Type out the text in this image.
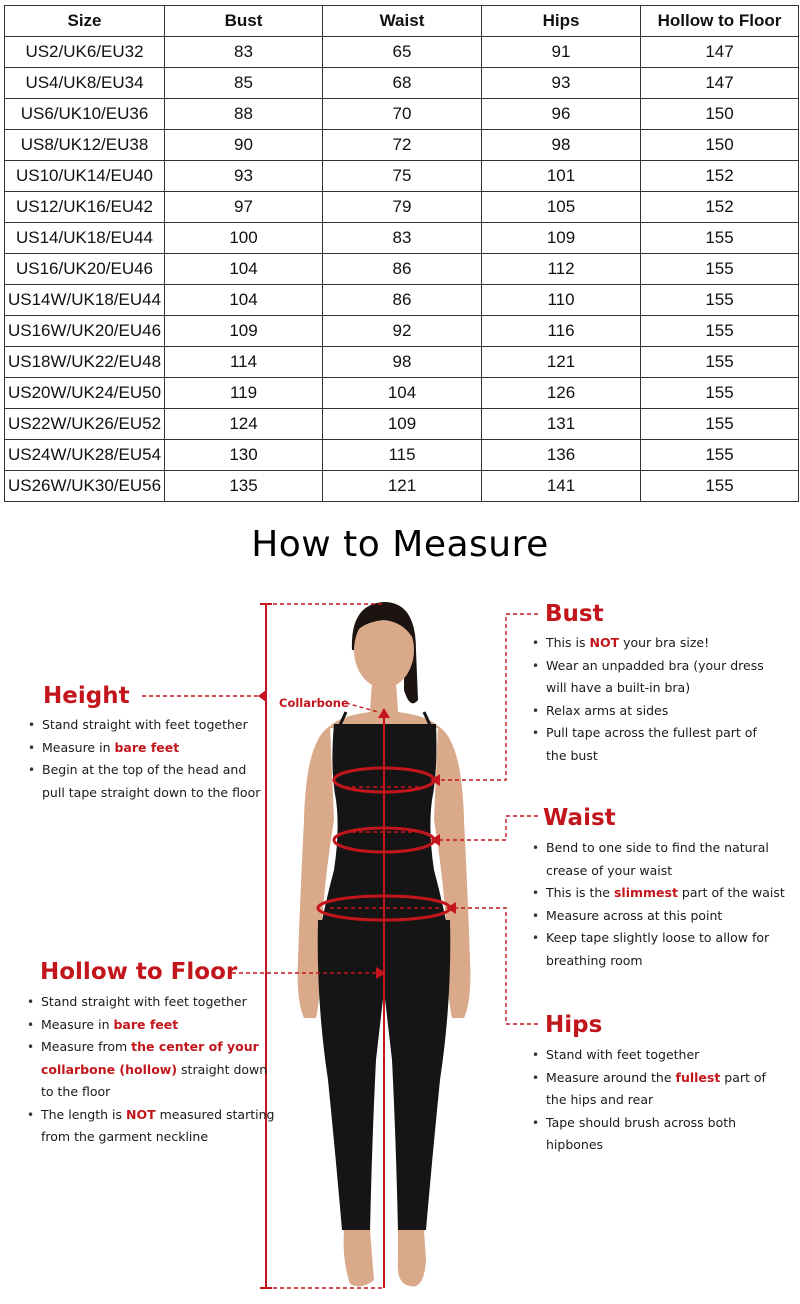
Size	Bust	Waist	Hips	Hollow to Floor
US2/UK6/EU32	83	65	91	147
US4/UK8/EU34	85	68	93	147
US6/UK10/EU36	88	70	96	150
US8/UK12/EU38	90	72	98	150
US10/UK14/EU40	93	75	101	152
US12/UK16/EU42	97	79	105	152
US14/UK18/EU44	100	83	109	155
US16/UK20/EU46	104	86	112	155
US14W/UK18/EU44	104	86	110	155
US16W/UK20/EU46	109	92	116	155
US18W/UK22/EU48	114	98	121	155
US20W/UK24/EU50	119	104	126	155
US22W/UK26/EU52	124	109	131	155
US24W/UK28/EU54	130	115	136	155
US26W/UK30/EU56	135	121	141	155
How to Measure
Collarbone
Height
• Stand straight with feet together
• Measure in bare feet
• Begin at the top of the head and
pull tape straight down to the floor
Hollow to Floor
• Stand straight with feet together
• Measure in bare feet
• Measure from the center of your
collarbone (hollow) straight down
to the floor
• The length is NOT measured starting
from the garment neckline
Bust
• This is NOT your bra size!
• Wear an unpadded bra (your dress
will have a built-in bra)
• Relax arms at sides
• Pull tape across the fullest part of
the bust
Waist
• Bend to one side to find the natural
crease of your waist
• This is the slimmest part of the waist
• Measure across at this point
• Keep tape slightly loose to allow for
breathing room
Hips
• Stand with feet together
• Measure around the fullest part of
the hips and rear
• Tape should brush across both
hipbones
